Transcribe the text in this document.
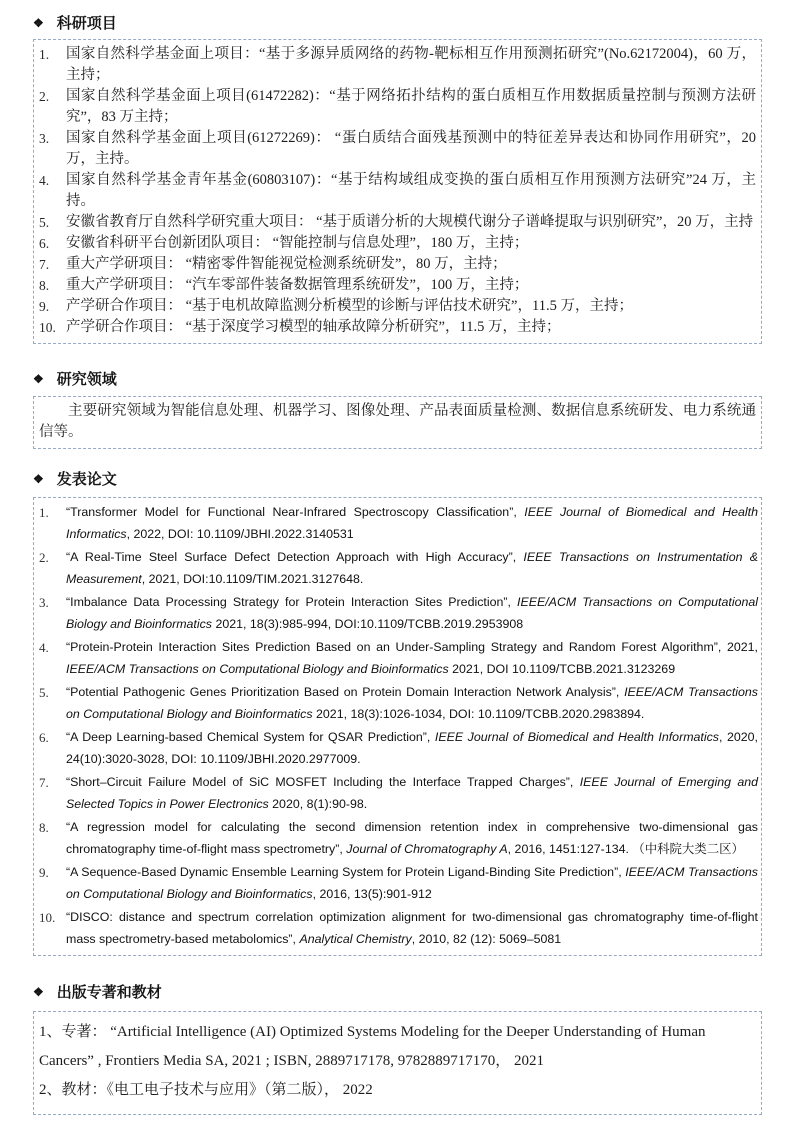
❖ 科研项目
1.	国家自然科学基金面上项目：“基于多源异质网络的药物-靶标相互作用预测拓研究”(No.62172004)，60 万，主持；
2.	国家自然科学基金面上项目(61472282)：“基于网络拓扑结构的蛋白质相互作用数据质量控制与预测方法研究”，83 万主持；
3.	国家自然科学基金面上项目(61272269)： “蛋白质结合面残基预测中的特征差异表达和协同作用研究”，20 万，主持。
4.	国家自然科学基金青年基金(60803107)：“基于结构域组成变换的蛋白质相互作用预测方法研究”24 万，主持。
5.	安徽省教育厅自然科学研究重大项目： “基于质谱分析的大规模代谢分子谱峰提取与识别研究”，20 万，主持
6.	安徽省科研平台创新团队项目： “智能控制与信息处理”，180 万，主持；
7.	重大产学研项目： “精密零件智能视觉检测系统研发”，80 万，主持；
8.	重大产学研项目： “汽车零部件装备数据管理系统研发”，100 万，主持；
9.	产学研合作项目： “基于电机故障监测分析模型的诊断与评估技术研究”，11.5 万，主持；
10. 产学研合作项目： “基于深度学习模型的轴承故障分析研究”，11.5 万，主持；
❖ 研究领域

主要研究领域为智能信息处理、机器学习、图像处理、产品表面质量检测、数据信息系统研发、电力系统通信等。

❖ 发表论文
1.	“Transformer Model for Functional Near-Infrared Spectroscopy Classification”, IEEE Journal of Biomedical and Health Informatics, 2022, DOI: 10.1109/JBHI.2022.3140531
2.	“A Real-Time Steel Surface Defect Detection Approach with High Accuracy”, IEEE Transactions on Instrumentation & Measurement, 2021, DOI:10.1109/TIM.2021.3127648.
3.	“Imbalance Data Processing Strategy for Protein Interaction Sites Prediction”, IEEE/ACM Transactions on Computational Biology and Bioinformatics 2021, 18(3):985-994, DOI:10.1109/TCBB.2019.2953908
4.	“Protein-Protein Interaction Sites Prediction Based on an Under-Sampling Strategy and Random Forest Algorithm”, 2021, IEEE/ACM Transactions on Computational Biology and Bioinformatics 2021, DOI 10.1109/TCBB.2021.3123269
5.	“Potential Pathogenic Genes Prioritization Based on Protein Domain Interaction Network Analysis”, IEEE/ACM Transactions on Computational Biology and Bioinformatics 2021, 18(3):1026-1034, DOI: 10.1109/TCBB.2020.2983894.
6.	“A Deep Learning-based Chemical System for QSAR Prediction”, IEEE Journal of Biomedical and Health Informatics, 2020, 24(10):3020-3028, DOI: 10.1109/JBHI.2020.2977009.
7.	“Short–Circuit Failure Model of SiC MOSFET Including the Interface Trapped Charges”, IEEE Journal of Emerging and Selected Topics in Power Electronics 2020, 8(1):90-98.
8.	“A regression model for calculating the second dimension retention index in comprehensive two-dimensional gas chromatography time-of-flight mass spectrometry”, Journal of Chromatography A, 2016, 1451:127-134. （中科院大类二区）
9.	“A Sequence-Based Dynamic Ensemble Learning System for Protein Ligand-Binding Site Prediction”, IEEE/ACM Transactions on Computational Biology and Bioinformatics, 2016, 13(5):901-912
10. “DISCO: distance and spectrum correlation optimization alignment for two-dimensional gas chromatography time-of-flight mass spectrometry-based metabolomics”, Analytical Chemistry, 2010, 82 (12): 5069–5081
❖ 出版专著和教材
1、专著： “Artificial Intelligence (AI) Optimized Systems Modeling for the Deeper Understanding of Human Cancers” , Frontiers Media SA, 2021 ; ISBN, 2889717178, 9782889717170， 2021
2、教材：《电工电子技术与应用》（第二版）， 2022
